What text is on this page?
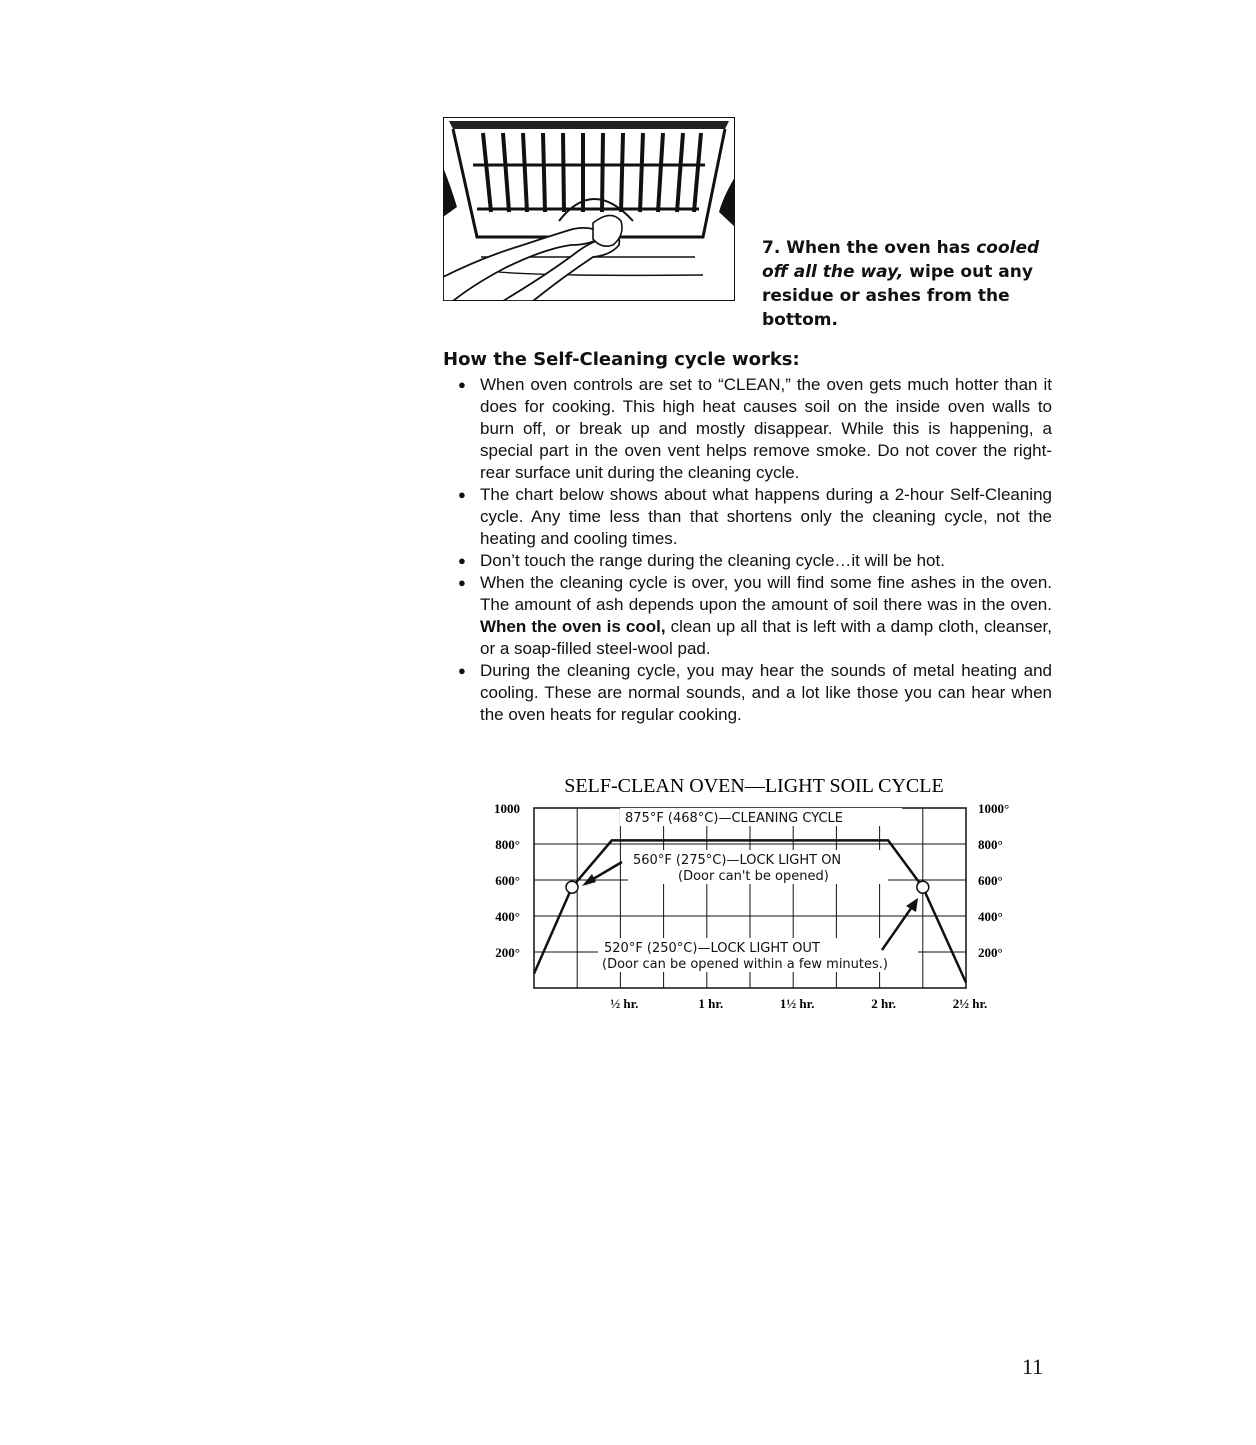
7. When the oven has cooled off all the way, wipe out any residue or ashes from the bottom.
How the Self-Cleaning cycle works:
● When oven controls are set to “CLEAN,” the oven gets much hotter than it does for cooking. This high heat causes soil on the inside oven walls to burn off, or break up and mostly disappear. While this is happening, a special part in the oven vent helps remove smoke. Do not cover the right-rear surface unit during the cleaning cycle.
● The chart below shows about what happens during a 2-hour Self-Cleaning cycle. Any time less than that shortens only the cleaning cycle, not the heating and cooling times.
● Don’t touch the range during the cleaning cycle…it will be hot.
● When the cleaning cycle is over, you will find some fine ashes in the oven. The amount of ash depends upon the amount of soil there was in the oven. When the oven is cool, clean up all that is left with a damp cloth, cleanser, or a soap-filled steel-wool pad.
● During the cleaning cycle, you may hear the sounds of metal heating and cooling. These are normal sounds, and a lot like those you can hear when the oven heats for regular cooking.
SELF-CLEAN OVEN—LIGHT SOIL CYCLE
1000
800°
600°
400°
200°
1000°
800°
600°
400°
200°
½ hr.	1 hr.	1½ hr.	2 hr.	2½ hr.
875°F (468°C)—CLEANING CYCLE
560°F (275°C)—LOCK LIGHT ON
(Door can't be opened)
520°F (250°C)—LOCK LIGHT OUT
(Door can be opened within a few minutes.)
11
